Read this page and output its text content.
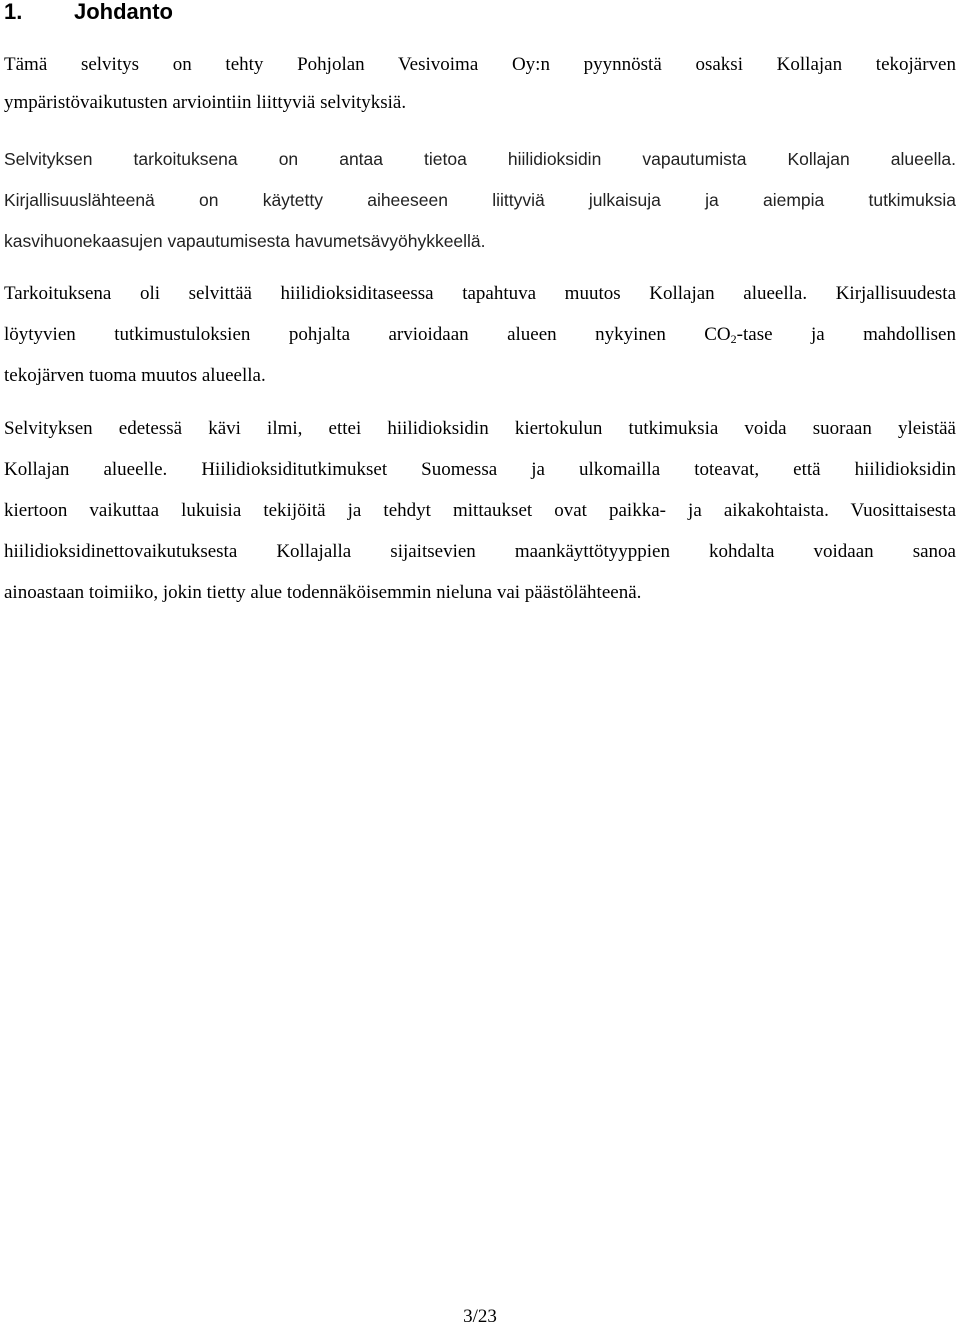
1. Johdanto

Tämä selvitys on tehty Pohjolan Vesivoima Oy:n pyynnöstä osaksi Kollajan tekojärven

ympäristövaikutusten arviointiin liittyviä selvityksiä.

Selvityksen tarkoituksena on antaa tietoa hiilidioksidin vapautumista Kollajan alueella.

Kirjallisuuslähteenä on käytetty aiheeseen liittyviä julkaisuja ja aiempia tutkimuksia

kasvihuonekaasujen vapautumisesta havumetsävyöhykkeellä.

Tarkoituksena oli selvittää hiilidioksiditaseessa tapahtuva muutos Kollajan alueella. Kirjallisuudesta

löytyvien tutkimustuloksien pohjalta arvioidaan alueen nykyinen $CO_2$-tase ja mahdollisen

tekojärven tuoma muutos alueella.

Selvityksen edetessä kävi ilmi, ettei hiilidioksidin kiertokulun tutkimuksia voida suoraan yleistää

Kollajan alueelle. Hiilidioksiditutkimukset Suomessa ja ulkomailla toteavat, että hiilidioksidin

kiertoon vaikuttaa lukuisia tekijöitä ja tehdyt mittaukset ovat paikka- ja aikakohtaista. Vuosittaisesta

hiilidioksidinettovaikutuksesta Kollajalla sijaitsevien maankäyttötyyppien kohdalta voidaan sanoa

ainoastaan toimiiko, jokin tietty alue todennäköisemmin nieluna vai päästölähteenä.

3/23
